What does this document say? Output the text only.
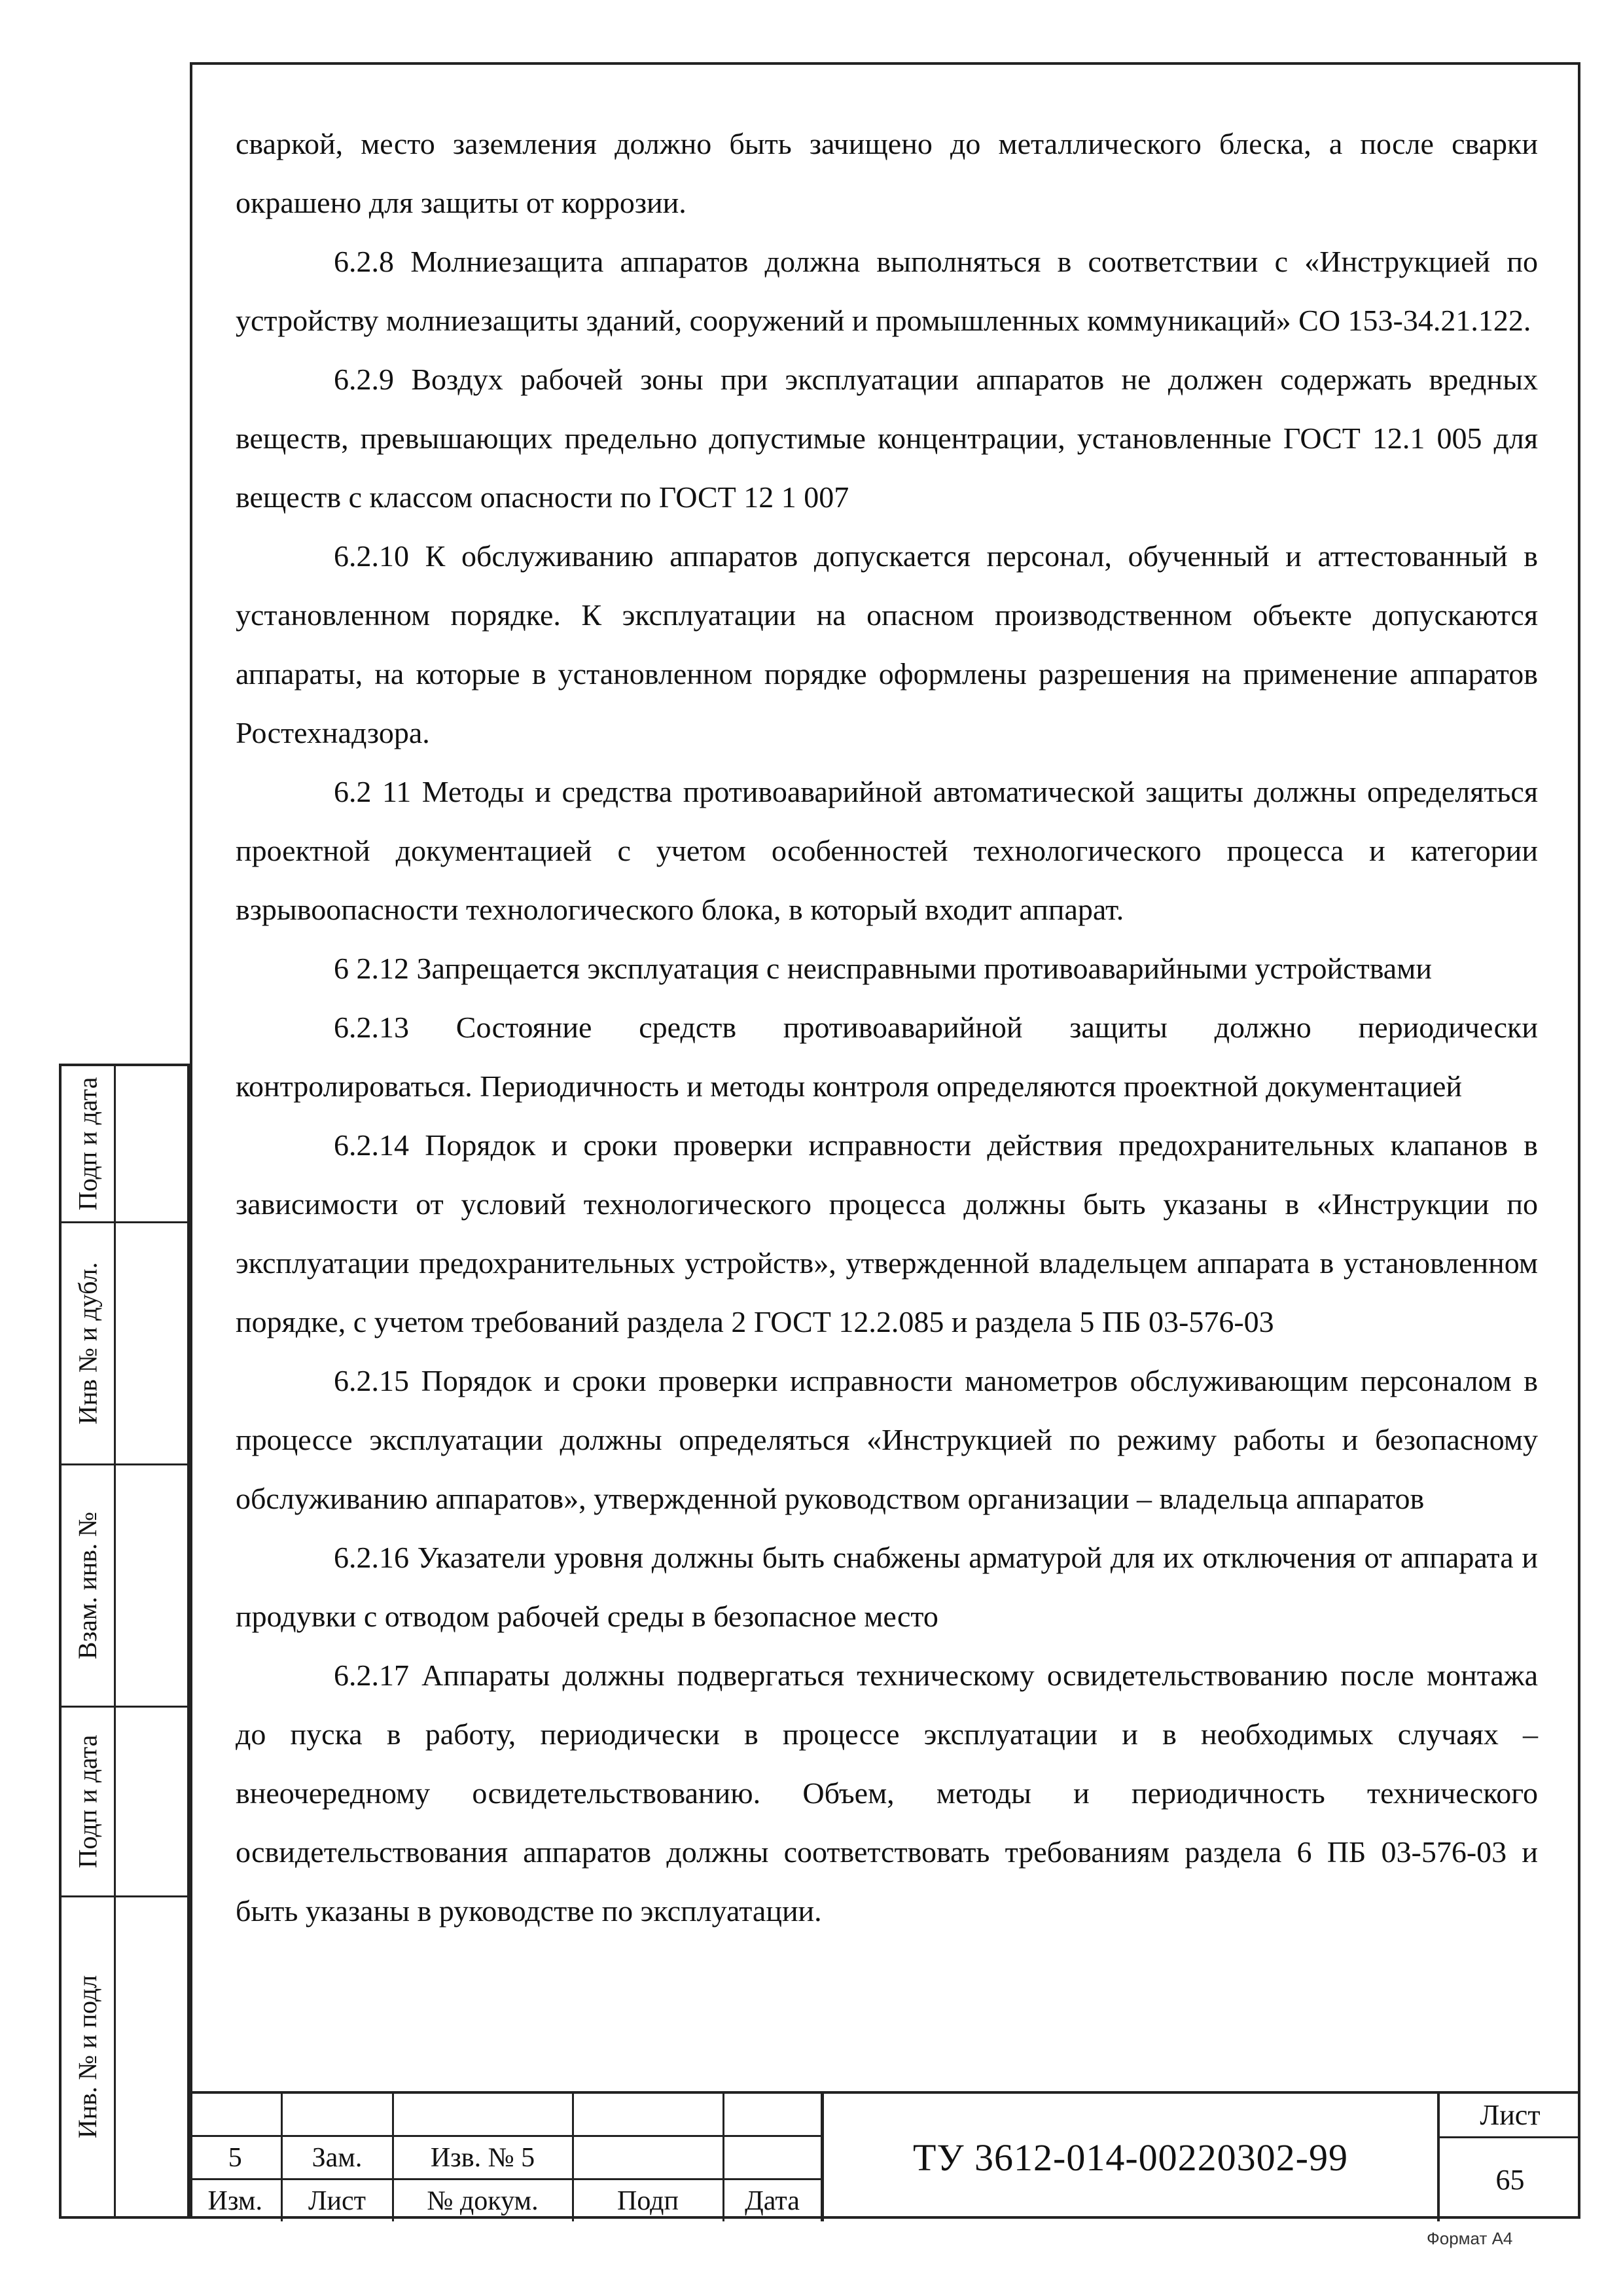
сваркой, место заземления должно быть зачищено до металлического блеска, а после сварки окрашено для защиты от коррозии.

6.2.8 Молниезащита аппаратов должна выполняться в соответствии с «Инструкцией по устройству молниезащиты зданий, сооружений и промышленных коммуникаций» СО 153-34.21.122.

6.2.9 Воздух рабочей зоны при эксплуатации аппаратов не должен содержать вредных веществ, превышающих предельно допустимые концентрации, установленные ГОСТ 12.1 005 для веществ с классом опасности по ГОСТ 12 1 007

6.2.10 К обслуживанию аппаратов допускается персонал, обученный и аттестованный в установленном порядке. К эксплуатации на опасном производственном объекте допускаются аппараты, на которые в установленном порядке оформлены разрешения на применение аппаратов Ростехнадзора.

6.2 11 Методы и средства противоаварийной автоматической защиты должны определяться проектной документацией с учетом особенностей технологического процесса и категории взрывоопасности технологического блока, в который входит аппарат.

6 2.12 Запрещается эксплуатация с неисправными противоаварийными устройствами

6.2.13 Состояние средств противоаварийной защиты должно периодически контролироваться. Периодичность и методы контроля определяются проектной документацией

6.2.14 Порядок и сроки проверки исправности действия предохранительных клапанов в зависимости от условий технологического процесса должны быть указаны в «Инструкции по эксплуатации предохранительных устройств», утвержденной владельцем аппарата в установленном порядке, с учетом требований раздела 2 ГОСТ 12.2.085 и раздела 5 ПБ 03-576-03

6.2.15 Порядок и сроки проверки исправности манометров обслуживающим персоналом в процессе эксплуатации должны определяться «Инструкцией по режиму работы и безопасному обслуживанию аппаратов», утвержденной руководством организации – владельца аппаратов

6.2.16 Указатели уровня должны быть снабжены арматурой для их отключения от аппарата и продувки с отводом рабочей среды в безопасное место

6.2.17 Аппараты должны подвергаться техническому освидетельствованию после монтажа до пуска в работу, периодически в процессе эксплуатации и в необходимых случаях – внеочередному освидетельствованию. Объем, методы и периодичность технического освидетельствования аппаратов должны соответствовать требованиям раздела 6 ПБ 03-576-03 и быть указаны в руководстве по эксплуатации.

Подп и дата
Инв № и дубл.
Взам. инв. №
Подп и дата
Инв. № и подл

5	Зам.	Изв. № 5		
Изм.	Лист	№ докум.	Подп	Дата
ТУ 3612-014-00220302-99
Лист
65
Формат А4
